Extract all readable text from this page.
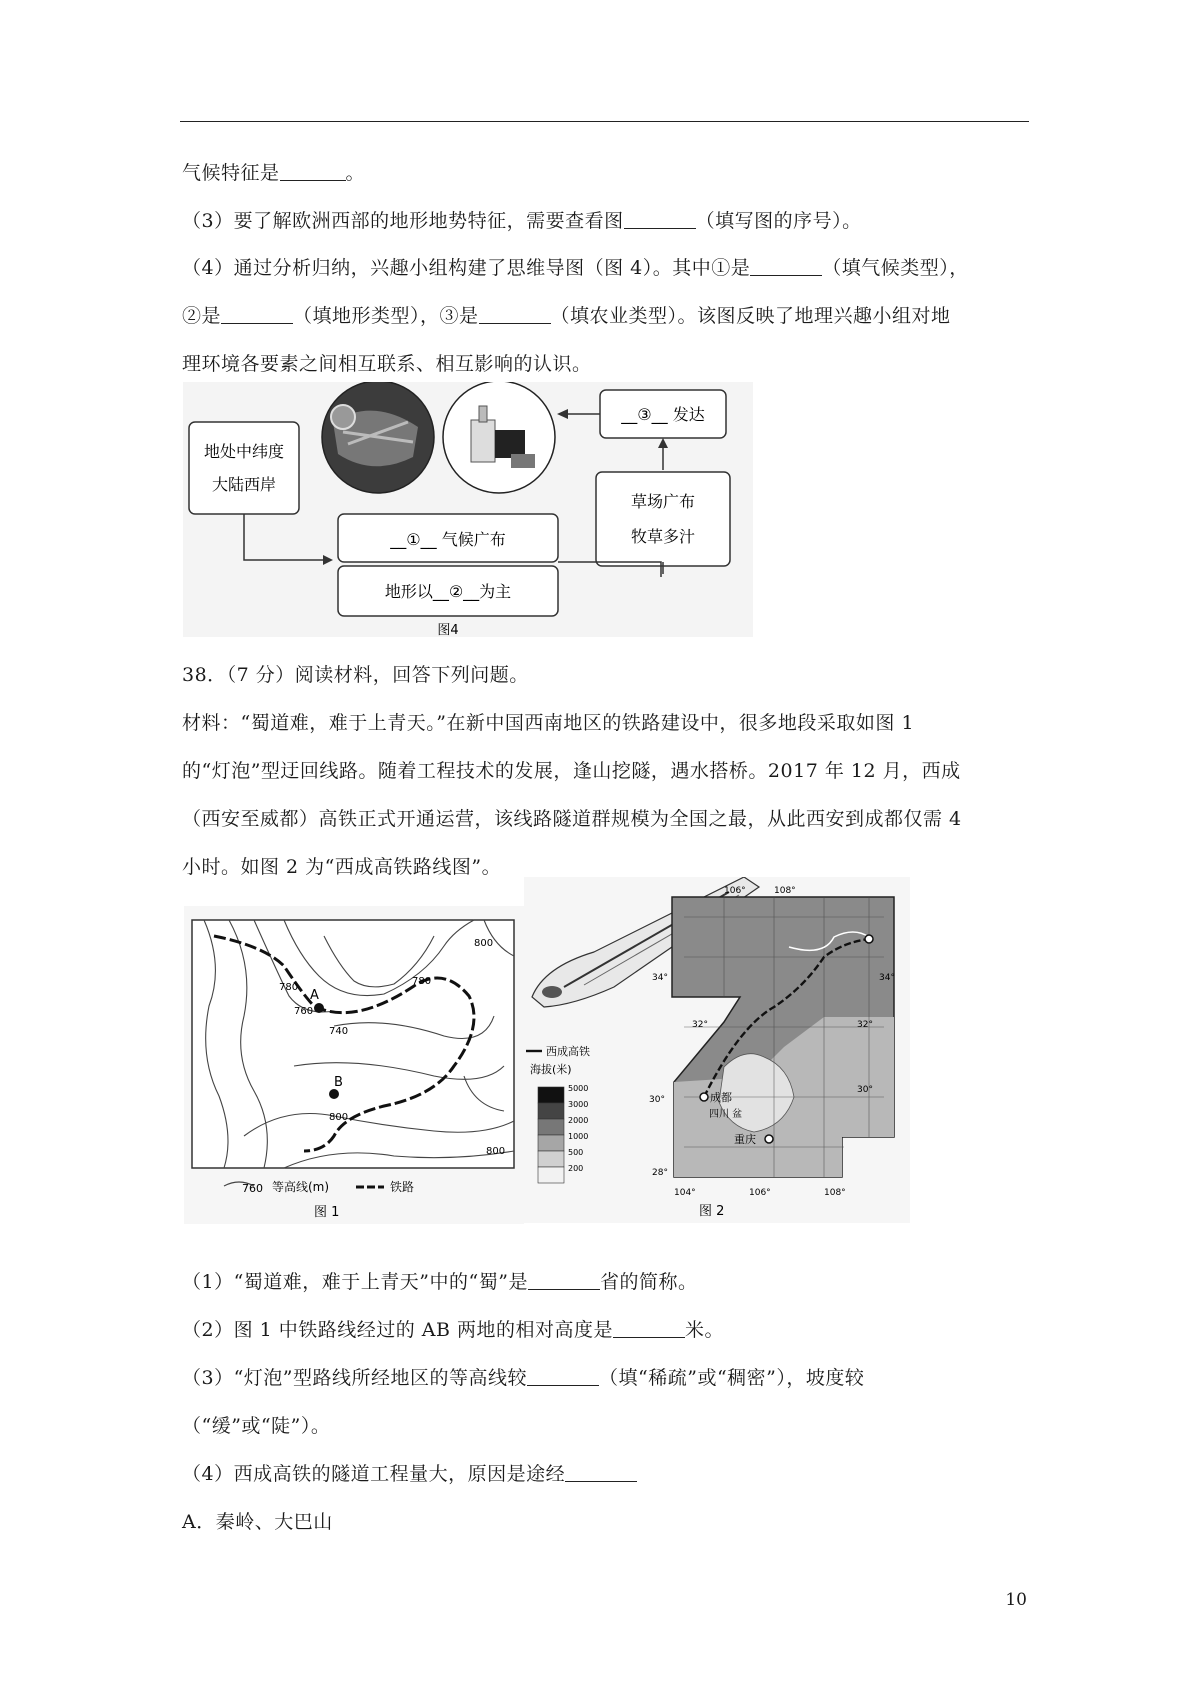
气候特征是	。
（3）要了解欧洲西部的地形地势特征，需要查看图	（填写图的序号）。
（4）通过分析归纳，兴趣小组构建了思维导图（图 4）。其中①是	（填气候类型），
②是	（填地形类型），③是	（填农业类型）。该图反映了地理兴趣小组对地
理环境各要素之间相互联系、相互影响的认识。
地处中纬度
大陆西岸
__③__ 发达
草场广布
牧草多汁
__①__ 气候广布
地形以__②__为主
图4
38．（7 分）阅读材料，回答下列问题。
材料：“蜀道难，难于上青天。”在新中国西南地区的铁路建设中，很多地段采取如图 1
的“灯泡”型迂回线路。随着工程技术的发展，逢山挖隧，遇水搭桥。2017 年 12 月，西成
（西安至威都）高铁正式开通运营，该线路隧道群规模为全国之最，从此西安到成都仅需 4
小时。如图 2 为“西成高铁路线图”。
A
B
800
780
780
760
740
800
800
760 等高线(m)	铁路
图 1
成都
重庆
四川 盆
106°	108°
104°	106°	108°
34°
32°
30°
28°
34°
32°
30°
西成高铁
海拔(米)
5000
3000
2000
1000
500
200
图 2
（1）“蜀道难，难于上青天”中的“蜀”是	省的简称。
（2）图 1 中铁路线经过的 AB 两地的相对高度是	米。
（3）“灯泡”型路线所经地区的等高线较	（填“稀疏”或“稠密”），坡度较
（“缓”或“陡”）。
（4）西成高铁的隧道工程量大，原因是途经
A．秦岭、大巴山
10
